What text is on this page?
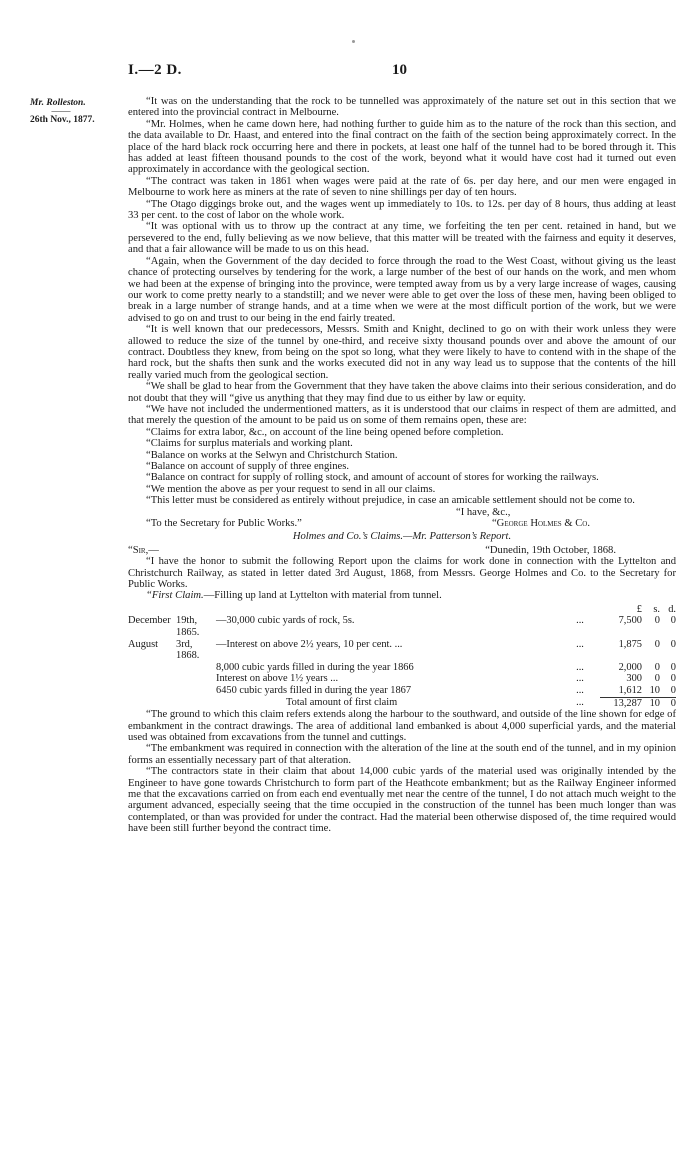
I.—2 D.	10
Mr. Rolleston.
——
26th Nov., 1877.

“It was on the understanding that the rock to be tunnelled was approximately of the nature set out in this section that we entered into the provincial contract in Melbourne.

“Mr. Holmes, when he came down here, had nothing further to guide him as to the nature of the rock than this section, and the data available to Dr. Haast, and entered into the final contract on the faith of the section being approximately correct. In the place of the hard black rock occurring here and there in pockets, at least one half of the tunnel had to be bored through it. This has added at least fifteen thousand pounds to the cost of the work, beyond what it would have cost had it turned out even approximately in accordance with the geological section.

“The contract was taken in 1861 when wages were paid at the rate of 6s. per day here, and our men were engaged in Melbourne to work here as miners at the rate of seven to nine shillings per day of ten hours.

“The Otago diggings broke out, and the wages went up immediately to 10s. to 12s. per day of 8 hours, thus adding at least 33 per cent. to the cost of labor on the whole work.

“It was optional with us to throw up the contract at any time, we forfeiting the ten per cent. retained in hand, but we persevered to the end, fully believing as we now believe, that this matter will be treated with the fairness and equity it deserves, and that a fair allowance will be made to us on this head.

“Again, when the Government of the day decided to force through the road to the West Coast, without giving us the least chance of protecting ourselves by tendering for the work, a large number of the best of our hands on the work, and men whom we had been at the expense of bringing into the province, were tempted away from us by a very large increase of wages, causing our work to come pretty nearly to a standstill; and we never were able to get over the loss of these men, having been obliged to break in a large number of strange hands, and at a time when we were at the most difficult portion of the work, but we were advised to go on and trust to our being in the end fairly treated.

“It is well known that our predecessors, Messrs. Smith and Knight, declined to go on with their work unless they were allowed to reduce the size of the tunnel by one-third, and receive sixty thousand pounds over and above the amount of our contract. Doubtless they knew, from being on the spot so long, what they were likely to have to contend with in the shape of the hard rock, but the shafts then sunk and the works executed did not in any way lead us to suppose that the contents of the hill really varied much from the geological section.

“We shall be glad to hear from the Government that they have taken the above claims into their serious consideration, and do not doubt that they will “give us anything that they may find due to us either by law or equity.

“We have not included the undermentioned matters, as it is understood that our claims in respect of them are admitted, and that merely the question of the amount to be paid us on some of them remains open, these are:

“Claims for extra labor, &c., on account of the line being opened before completion.

“Claims for surplus materials and working plant.

“Balance on works at the Selwyn and Christchurch Station.

“Balance on account of supply of three engines.

“Balance on contract for supply of rolling stock, and amount of account of stores for working the railways.

“We mention the above as per your request to send in all our claims.

“This letter must be considered as entirely without prejudice, in case an amicable settlement should not be come to.

“I have, &c.,

“To the Secretary for Public Works.”	“George Holmes & Co.
Holmes and Co.’s Claims.—Mr. Patterson’s Report.
“Sir,—	“Dunedin, 19th October, 1868.

“I have the honor to submit the following Report upon the claims for work done in connection with the Lyttelton and Christchurch Railway, as stated in letter dated 3rd August, 1868, from Messrs. George Holmes and Co. to the Secretary for Public Works.

“First Claim.—Filling up land at Lyttelton with material from tunnel.

				£	s.	d.
December	19th, 1865.	—30,000 cubic yards of rock, 5s.	...	7,500	0	0
August	3rd, 1868.	—Interest on above 2½ years, 10 per cent. ...	...	1,875	0	0
		8,000 cubic yards filled in during the year 1866	...	2,000	0	0
		Interest on above 1½ years ...	...	300	0	0
		6450 cubic yards filled in during the year 1867	...	1,612	10	0
		Total amount of first claim	...	13,287	10	0

“The ground to which this claim refers extends along the harbour to the southward, and outside of the line shown for edge of embankment in the contract drawings. The area of additional land embanked is about 4,000 superficial yards, and the material used was obtained from excavations from the tunnel and cuttings.

“The embankment was required in connection with the alteration of the line at the south end of the tunnel, and in my opinion forms an essentially necessary part of that alteration.

“The contractors state in their claim that about 14,000 cubic yards of the material used was originally intended by the Engineer to have gone towards Christchurch to form part of the Heathcote embankment; but as the Railway Engineer informed me that the excavations carried on from each end eventually met near the centre of the tunnel, I do not attach much weight to the argument advanced, especially seeing that the time occupied in the construction of the tunnel has been much longer than was contemplated, or than was provided for under the contract. Had the material been otherwise disposed of, the time required would have been still further beyond the contract time.
